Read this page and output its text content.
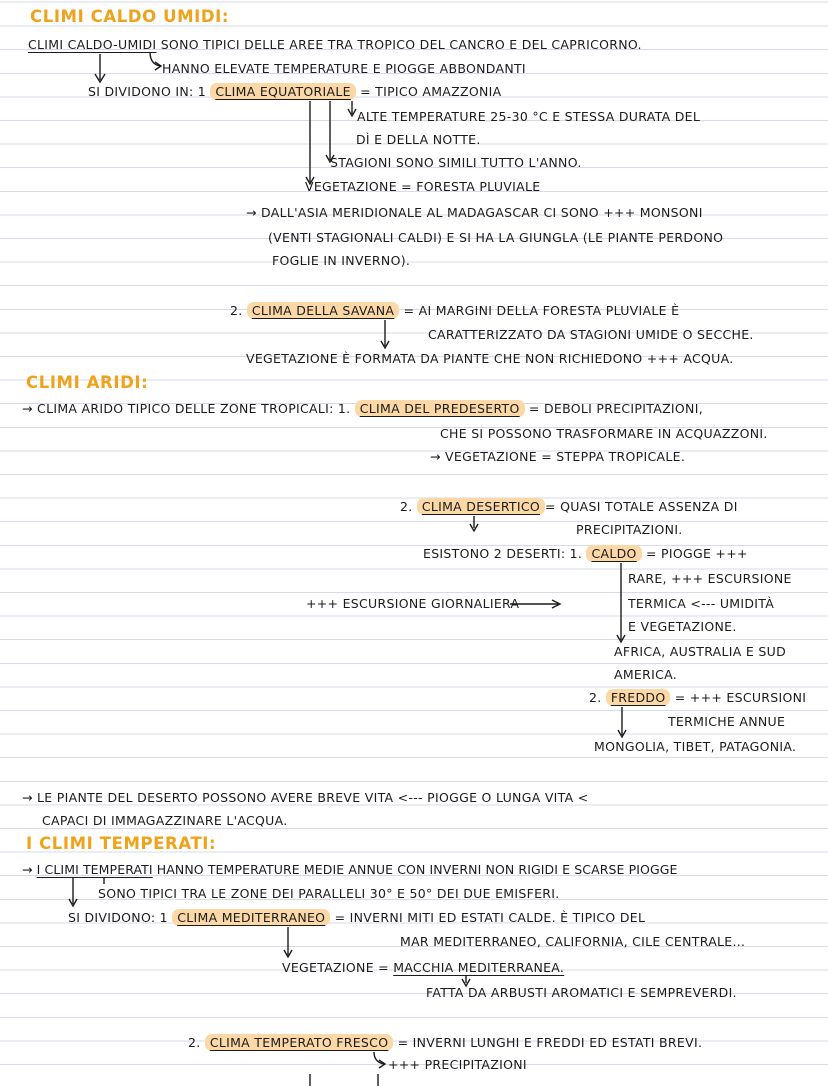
CLIMI CALDO UMIDI:
CLIMI CALDO-UMIDI SONO TIPICI DELLE AREE TRA TROPICO DEL CANCRO E DEL CAPRICORNO.
HANNO ELEVATE TEMPERATURE E PIOGGE ABBONDANTI
SI DIVIDONO IN: 1 CLIMA EQUATORIALE = TIPICO AMAZZONIA
ALTE TEMPERATURE 25-30 °C E STESSA DURATA DEL
DÌ E DELLA NOTTE.
STAGIONI SONO SIMILI TUTTO L'ANNO.
VEGETAZIONE = FORESTA PLUVIALE
→ DALL'ASIA MERIDIONALE AL MADAGASCAR CI SONO +++ MONSONI
(VENTI STAGIONALI CALDI) E SI HA LA GIUNGLA (LE PIANTE PERDONO
FOGLIE IN INVERNO).
2. CLIMA DELLA SAVANA = AI MARGINI DELLA FORESTA PLUVIALE È
CARATTERIZZATO DA STAGIONI UMIDE O SECCHE.
VEGETAZIONE È FORMATA DA PIANTE CHE NON RICHIEDONO +++ ACQUA.
CLIMI ARIDI:
→ CLIMA ARIDO TIPICO DELLE ZONE TROPICALI: 1. CLIMA DEL PREDESERTO = DEBOLI PRECIPITAZIONI,
CHE SI POSSONO TRASFORMARE IN ACQUAZZONI.
→ VEGETAZIONE = STEPPA TROPICALE.
2. CLIMA DESERTICO = QUASI TOTALE ASSENZA DI
PRECIPITAZIONI.
ESISTONO 2 DESERTI: 1. CALDO = PIOGGE +++
RARE, +++ ESCURSIONE
+++ ESCURSIONE GIORNALIERA	TERMICA <--- UMIDITÀ
E VEGETAZIONE.
AFRICA, AUSTRALIA E SUD
AMERICA.
2. FREDDO = +++ ESCURSIONI
TERMICHE ANNUE
MONGOLIA, TIBET, PATAGONIA.
→ LE PIANTE DEL DESERTO POSSONO AVERE BREVE VITA <--- PIOGGE O LUNGA VITA <
CAPACI DI IMMAGAZZINARE L'ACQUA.
I CLIMI TEMPERATI:
→ I CLIMI TEMPERATI HANNO TEMPERATURE MEDIE ANNUE CON INVERNI NON RIGIDI E SCARSE PIOGGE
SONO TIPICI TRA LE ZONE DEI PARALLELI 30° E 50° DEI DUE EMISFERI.
SI DIVIDONO: 1 CLIMA MEDITERRANEO = INVERNI MITI ED ESTATI CALDE. È TIPICO DEL
MAR MEDITERRANEO, CALIFORNIA, CILE CENTRALE...
VEGETAZIONE = MACCHIA MEDITERRANEA.
FATTA DA ARBUSTI AROMATICI E SEMPREVERDI.
2. CLIMA TEMPERATO FRESCO = INVERNI LUNGHI E FREDDI ED ESTATI BREVI.
+++ PRECIPITAZIONI
